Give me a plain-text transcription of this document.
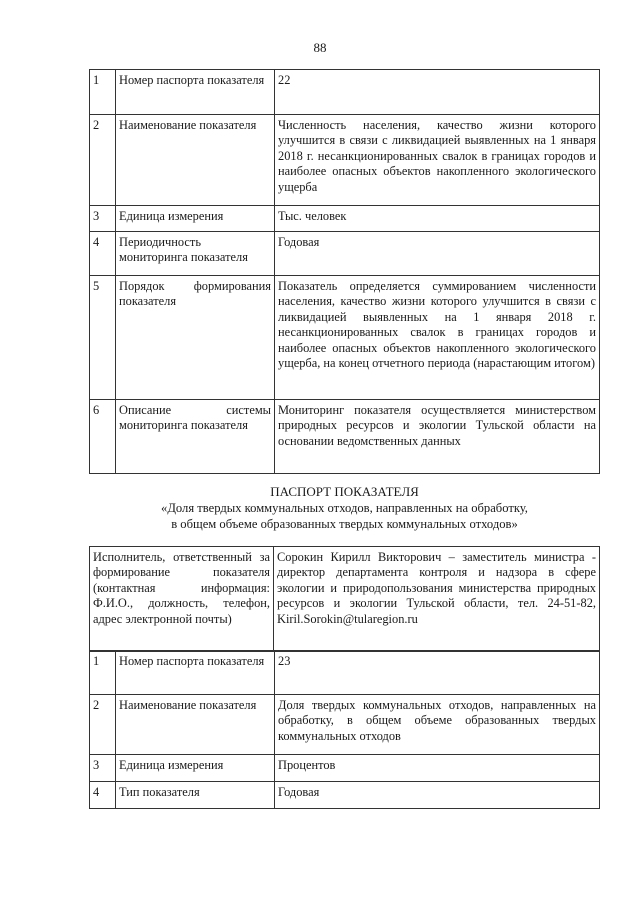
88
1	Номер паспорта показателя	22
2	Наименование показателя	Численность населения, качество жизни которого улучшится в связи с ликвидацией выявленных на 1 января 2018 г. несанкционированных свалок в границах городов и наиболее опасных объектов накопленного экологического ущерба
3	Единица измерения	Тыс. человек
4	Периодичность мониторинга показателя	Годовая
5	Порядок формирования показателя	Показатель определяется суммированием численности населения, качество жизни которого улучшится в связи с ликвидацией выявленных на 1 января 2018 г. несанкционированных свалок в границах городов и наиболее опасных объектов накопленного экологического ущерба, на конец отчетного периода (нарастающим итогом)
6	Описание системы мониторинга показателя	Мониторинг показателя осуществляется министерством природных ресурсов и экологии Тульской области на основании ведомственных данных
ПАСПОРТ ПОКАЗАТЕЛЯ
«Доля твердых коммунальных отходов, направленных на обработку,
в общем объеме образованных твердых коммунальных отходов»
Исполнитель, ответственный за формирование показателя (контактная информация: Ф.И.О., должность, телефон, адрес электронной почты)	Сорокин Кирилл Викторович – заместитель министра - директор департамента контроля и надзора в сфере экологии и природопользования министерства природных ресурсов и экологии Тульской области, тел. 24-51-82, Kiril.Sorokin@tularegion.ru
1	Номер паспорта показателя	23
2	Наименование показателя	Доля твердых коммунальных отходов, направленных на обработку, в общем объеме образованных твердых коммунальных отходов
3	Единица измерения	Процентов
4	Тип показателя	Годовая
